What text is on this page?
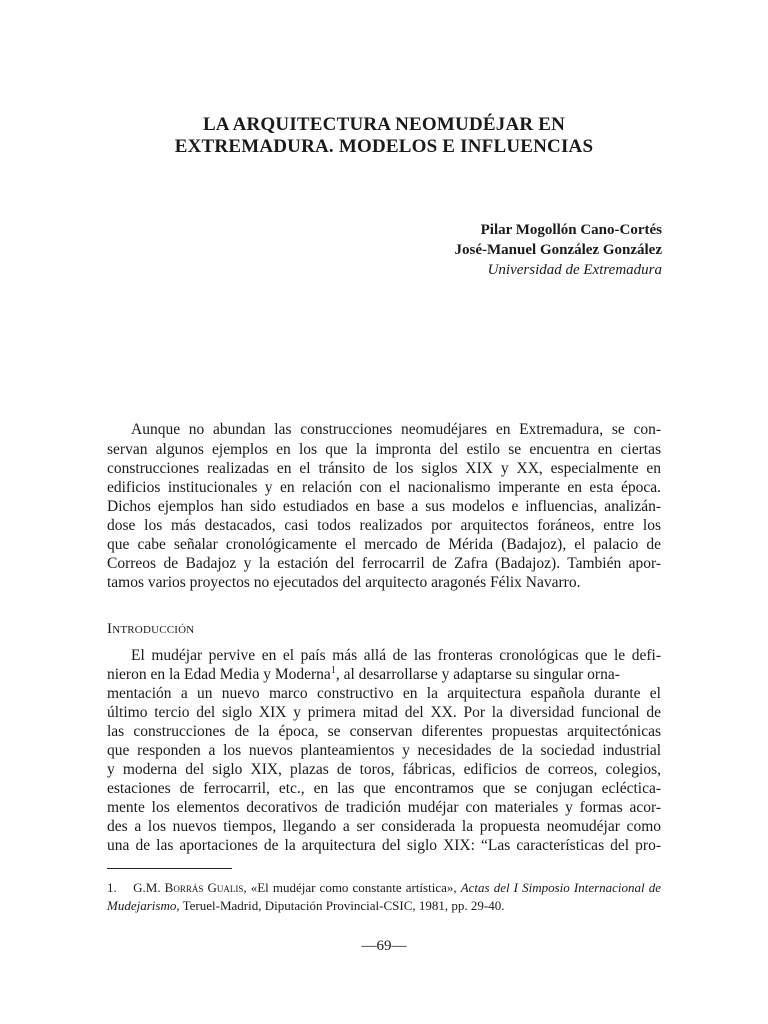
LA ARQUITECTURA NEOMUDÉJAR EN
EXTREMADURA. MODELOS E INFLUENCIAS
Pilar Mogollón Cano-Cortés
José-Manuel González González
Universidad de Extremadura
Aunque no abundan las construcciones neomudéjares en Extremadura, se con-
servan algunos ejemplos en los que la impronta del estilo se encuentra en ciertas
construcciones realizadas en el tránsito de los siglos XIX y XX, especialmente en
edificios institucionales y en relación con el nacionalismo imperante en esta época.
Dichos ejemplos han sido estudiados en base a sus modelos e influencias, analizán-
dose los más destacados, casi todos realizados por arquitectos foráneos, entre los
que cabe señalar cronológicamente el mercado de Mérida (Badajoz), el palacio de
Correos de Badajoz y la estación del ferrocarril de Zafra (Badajoz). También apor-
tamos varios proyectos no ejecutados del arquitecto aragonés Félix Navarro.
Introducción
El mudéjar pervive en el país más allá de las fronteras cronológicas que le defi-
nieron en la Edad Media y Moderna$^1$, al desarrollarse y adaptarse su singular orna-
mentación a un nuevo marco constructivo en la arquitectura española durante el
último tercio del siglo XIX y primera mitad del XX. Por la diversidad funcional de
las construcciones de la época, se conservan diferentes propuestas arquitectónicas
que responden a los nuevos planteamientos y necesidades de la sociedad industrial
y moderna del siglo XIX, plazas de toros, fábricas, edificios de correos, colegios,
estaciones de ferrocarril, etc., en las que encontramos que se conjugan ecléctica-
mente los elementos decorativos de tradición mudéjar con materiales y formas acor-
des a los nuevos tiempos, llegando a ser considerada la propuesta neomudéjar como
una de las aportaciones de la arquitectura del siglo XIX: “Las características del pro-
1. G.M. Borrás Gualis, «El mudéjar como constante artística», Actas del I Simposio Internacional de
Mudejarismo, Teruel-Madrid, Diputación Provincial-CSIC, 1981, pp. 29-40.
—69—
